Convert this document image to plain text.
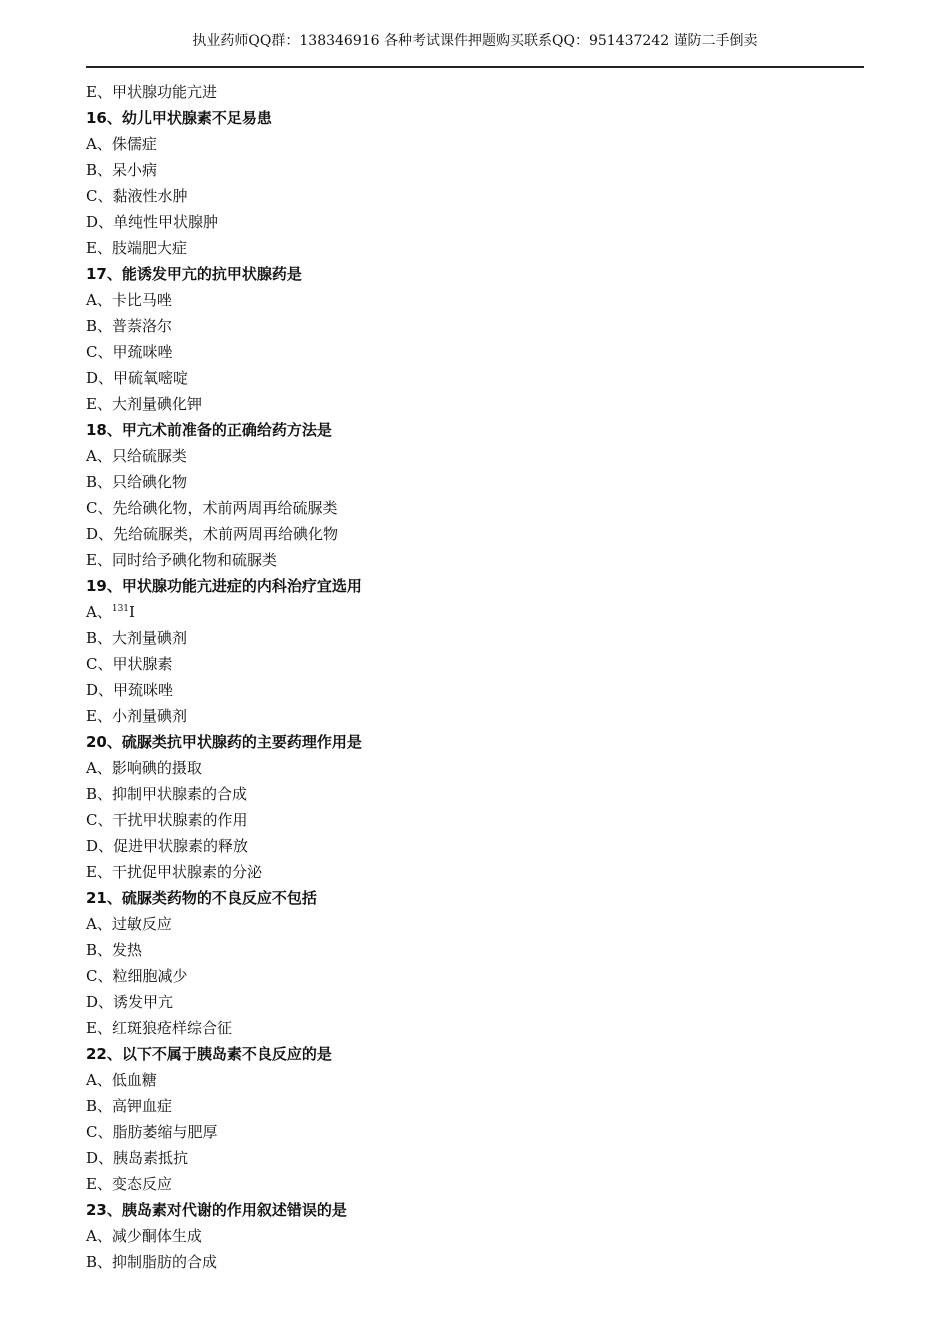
执业药师QQ群：138346916 各种考试课件押题购买联系QQ：951437242 谨防二手倒卖
E、甲状腺功能亢进
16、幼儿甲状腺素不足易患
A、侏儒症
B、呆小病
C、黏液性水肿
D、单纯性甲状腺肿
E、肢端肥大症
17、能诱发甲亢的抗甲状腺药是
A、卡比马唑
B、普萘洛尔
C、甲巯咪唑
D、甲硫氧嘧啶
E、大剂量碘化钾
18、甲亢术前准备的正确给药方法是
A、只给硫脲类
B、只给碘化物
C、先给碘化物，术前两周再给硫脲类
D、先给硫脲类，术前两周再给碘化物
E、同时给予碘化物和硫脲类
19、甲状腺功能亢进症的内科治疗宜选用
A、$^{131}$I
B、大剂量碘剂
C、甲状腺素
D、甲巯咪唑
E、小剂量碘剂
20、硫脲类抗甲状腺药的主要药理作用是
A、影响碘的摄取
B、抑制甲状腺素的合成
C、干扰甲状腺素的作用
D、促进甲状腺素的释放
E、干扰促甲状腺素的分泌
21、硫脲类药物的不良反应不包括
A、过敏反应
B、发热
C、粒细胞减少
D、诱发甲亢
E、红斑狼疮样综合征
22、以下不属于胰岛素不良反应的是
A、低血糖
B、高钾血症
C、脂肪萎缩与肥厚
D、胰岛素抵抗
E、变态反应
23、胰岛素对代谢的作用叙述错误的是
A、减少酮体生成
B、抑制脂肪的合成
